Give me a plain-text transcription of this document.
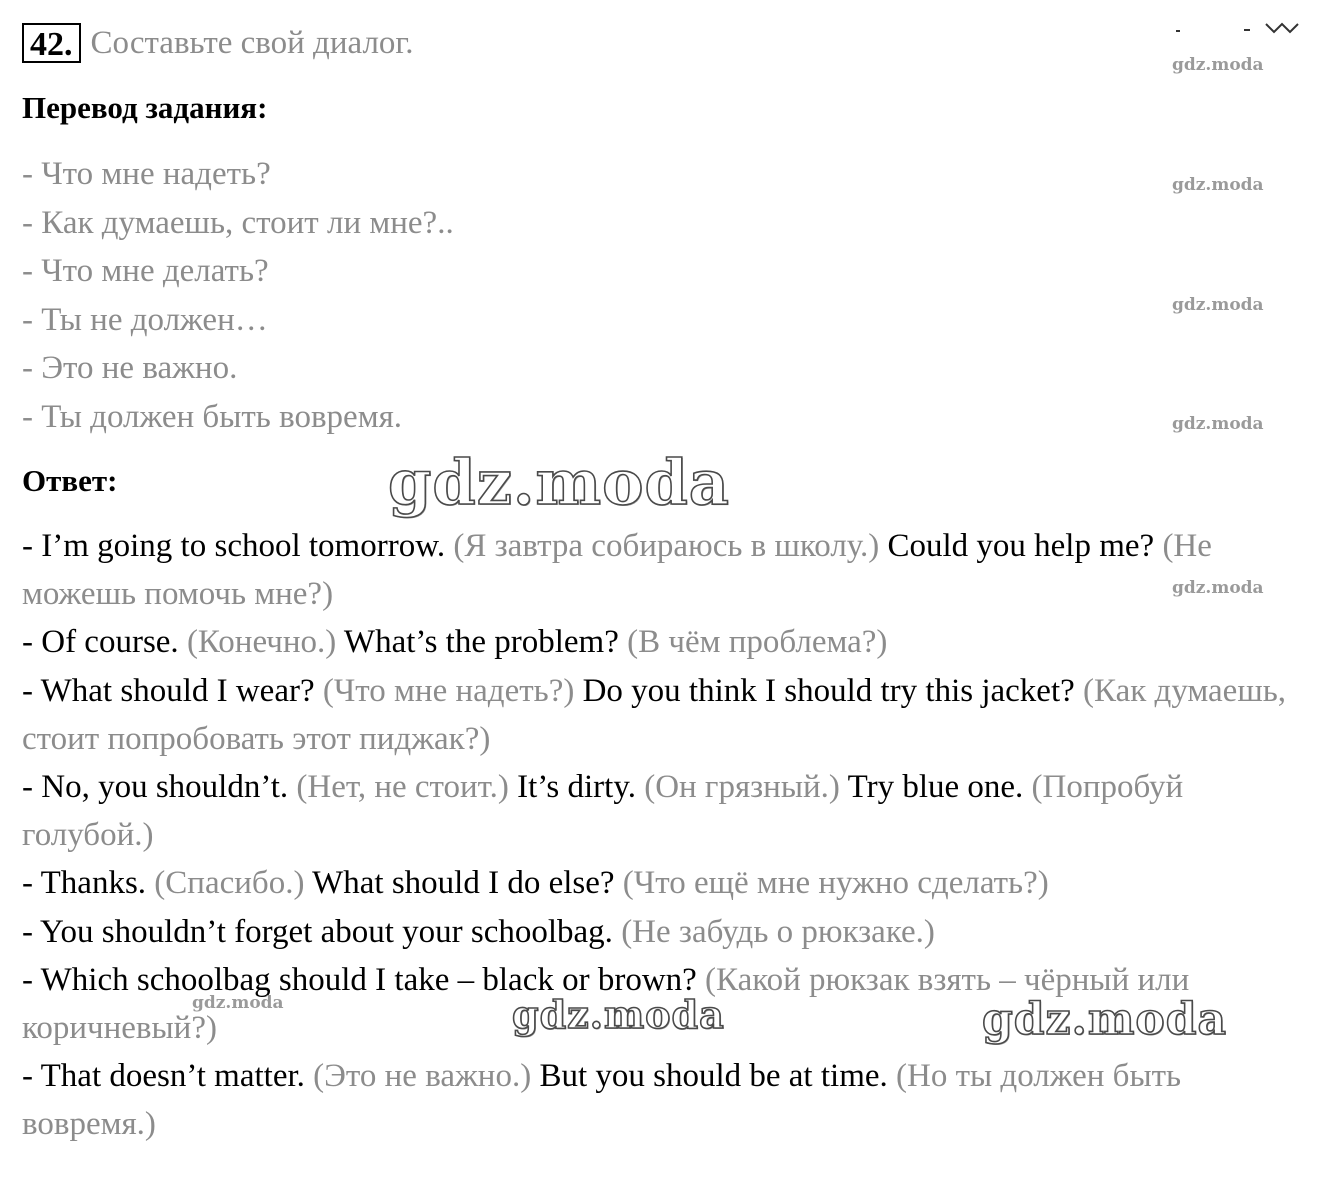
42. Составьте свой диалог.
Перевод задания:
- Что мне надеть?
- Как думаешь, стоит ли мне?..
- Что мне делать?
- Ты не должен…
- Это не важно.
- Ты должен быть вовремя.
Ответ:

- I’m going to school tomorrow. (Я завтра собираюсь в школу.) Could you help me? (Не можешь помочь мне?)

- Of course. (Конечно.) What’s the problem? (В чём проблема?)

- What should I wear? (Что мне надеть?) Do you think I should try this jacket? (Как думаешь, стоит попробовать этот пиджак?)

- No, you shouldn’t. (Нет, не стоит.) It’s dirty. (Он грязный.) Try blue one. (Попробуй голубой.)

- Thanks. (Спасибо.) What should I do else? (Что ещё мне нужно сделать?)

- You shouldn’t forget about your schoolbag. (Не забудь о рюкзаке.)

- Which schoolbag should I take – black or brown? (Какой рюкзак взять – чёрный или коричневый?)

- That doesn’t matter. (Это не важно.) But you should be at time. (Но ты должен быть вовремя.)

gdz.moda
gdz.moda
gdz.moda
gdz.moda
gdz.moda
gdz.moda
gdz.moda
gdz.moda	gdz.moda
